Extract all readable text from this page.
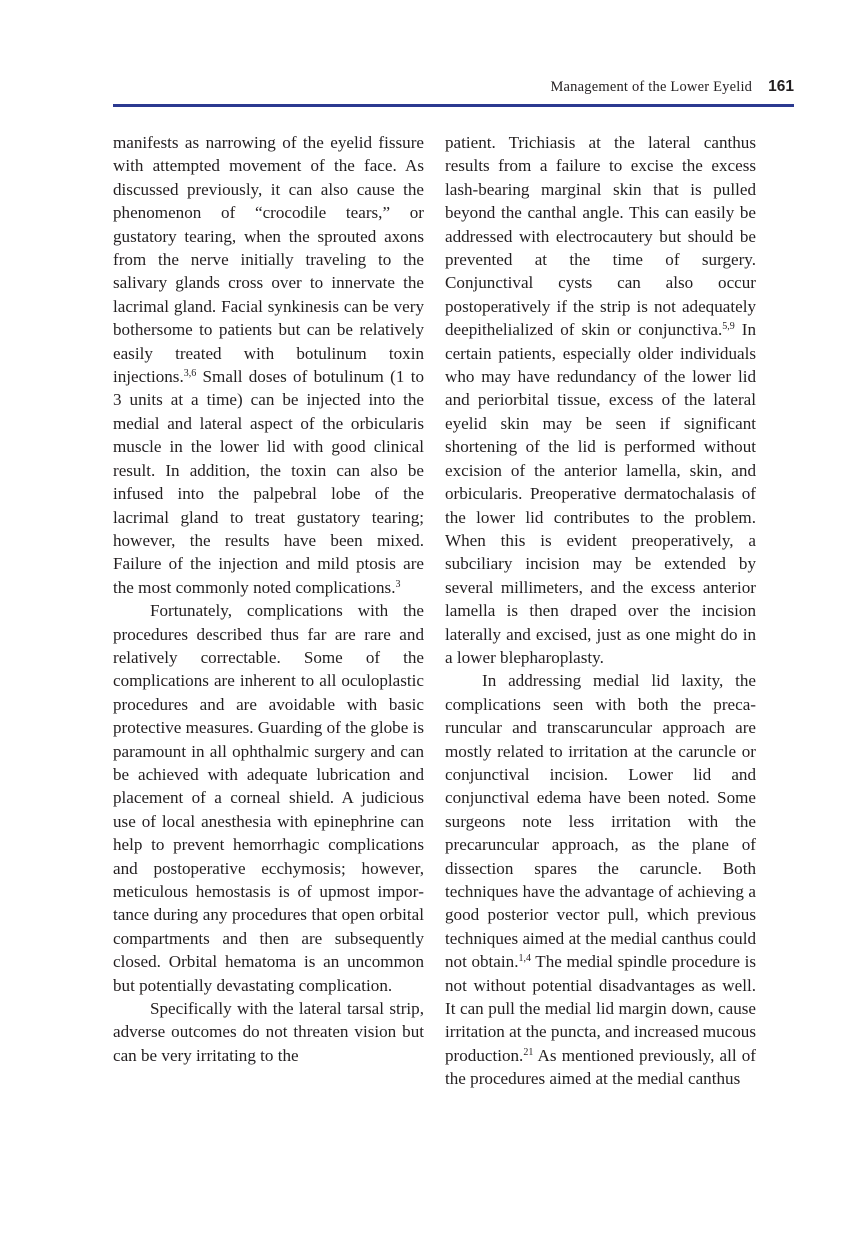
Management of the Lower Eyelid 161

manifests as narrowing of the eyelid fissure with attempted movement of the face. As discussed previously, it can also cause the phenomenon of “crocodile tears,” or gustatory tearing, when the sprouted axons from the nerve initially traveling to the salivary glands cross over to innervate the lacrimal gland. Facial synkinesis can be very bothersome to patients but can be relatively easily treated with botulinum toxin injections.$^{3,6}$ Small doses of botulinum (1 to 3 units at a time) can be injected into the medial and lateral aspect of the orbicularis muscle in the lower lid with good clinical result. In addition, the toxin can also be infused into the palpebral lobe of the lacrimal gland to treat gustatory tearing; however, the results have been mixed. Failure of the injection and mild ptosis are the most commonly noted complications.$^3$

Fortunately, complications with the procedures described thus far are rare and relatively correctable. Some of the complications are inherent to all oculoplastic procedures and are avoidable with basic protective measures. Guarding of the globe is paramount in all ophthalmic surgery and can be achieved with adequate lubrication and placement of a corneal shield. A judicious use of local anesthesia with epinephrine can help to prevent hemorrhagic complications and postoperative ecchymosis; however, meticulous hemostasis is of upmost importance during any procedures that open orbital compartments and then are subsequently closed. Orbital hematoma is an uncommon but potentially devastating complication.

Specifically with the lateral tarsal strip, adverse outcomes do not threaten vision but can be very irritating to the

patient. Trichiasis at the lateral canthus results from a failure to excise the excess lash-bearing marginal skin that is pulled beyond the canthal angle. This can easily be addressed with electrocautery but should be prevented at the time of surgery. Conjunctival cysts can also occur postoperatively if the strip is not adequately deepithelialized of skin or conjunctiva.$^{5,9}$ In certain patients, especially older individuals who may have redundancy of the lower lid and periorbital tissue, excess of the lateral eyelid skin may be seen if significant shortening of the lid is performed without excision of the anterior lamella, skin, and orbicularis. Preoperative dermatochalasis of the lower lid contributes to the problem. When this is evident preoperatively, a subciliary incision may be extended by several millimeters, and the excess anterior lamella is then draped over the incision laterally and excised, just as one might do in a lower blepharoplasty.

In addressing medial lid laxity, the complications seen with both the precaruncular and transcaruncular approach are mostly related to irritation at the caruncle or conjunctival incision. Lower lid and conjunctival edema have been noted. Some surgeons note less irritation with the precaruncular approach, as the plane of dissection spares the caruncle. Both techniques have the advantage of achieving a good posterior vector pull, which previous techniques aimed at the medial canthus could not obtain.$^{1,4}$ The medial spindle procedure is not without potential disadvantages as well. It can pull the medial lid margin down, cause irritation at the puncta, and increased mucous production.$^{21}$ As mentioned previously, all of the procedures aimed at the medial canthus
